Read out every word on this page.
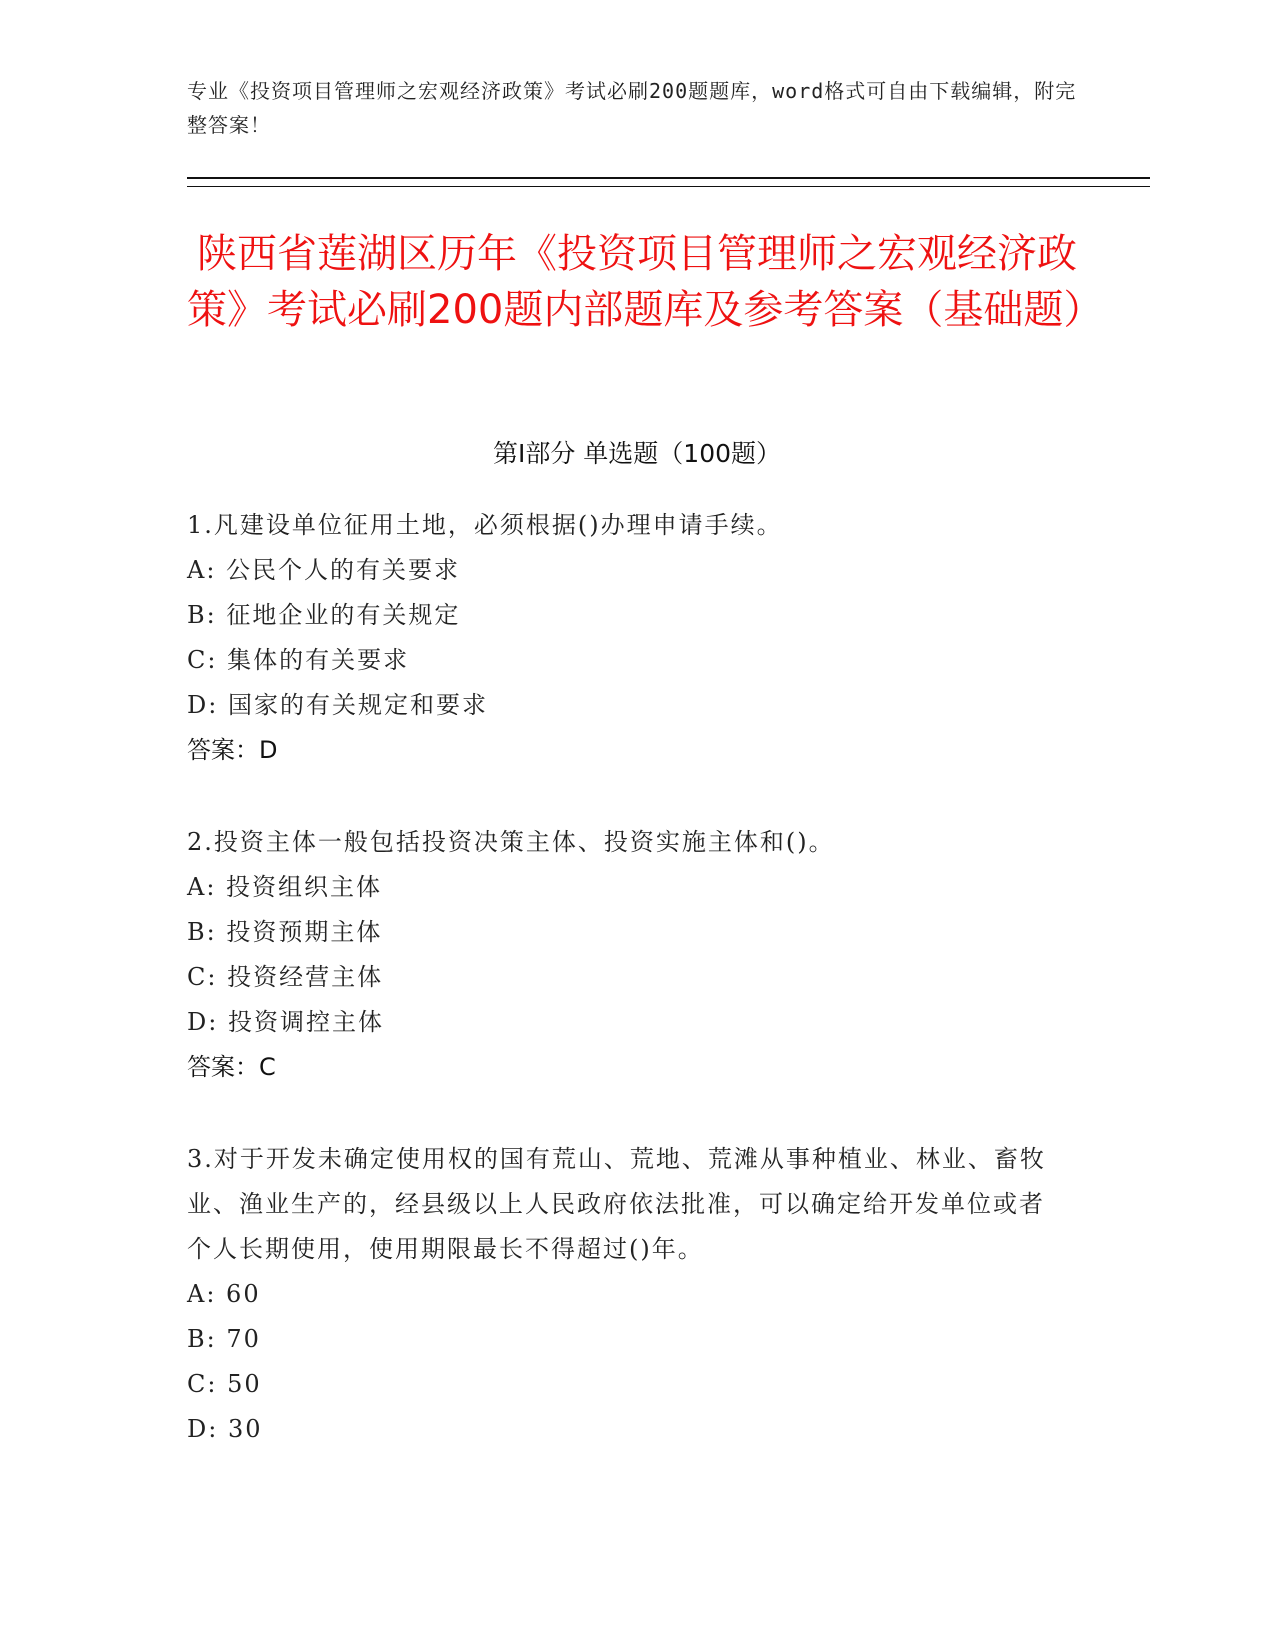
专业《投资项目管理师之宏观经济政策》考试必刷200题题库，word格式可自由下载编辑，附完整答案！
陕西省莲湖区历年《投资项目管理师之宏观经济政策》考试必刷200题内部题库及参考答案（基础题）
第Ⅰ部分 单选题（100题）
1.凡建设单位征用土地，必须根据()办理申请手续。
A: 公民个人的有关要求
B: 征地企业的有关规定
C: 集体的有关要求
D: 国家的有关规定和要求
答案：D
2.投资主体一般包括投资决策主体、投资实施主体和()。
A: 投资组织主体
B: 投资预期主体
C: 投资经营主体
D: 投资调控主体
答案：C
3.对于开发未确定使用权的国有荒山、荒地、荒滩从事种植业、林业、畜牧业、渔业生产的，经县级以上人民政府依法批准，可以确定给开发单位或者个人长期使用，使用期限最长不得超过()年。
A: 60
B: 70
C: 50
D: 30
